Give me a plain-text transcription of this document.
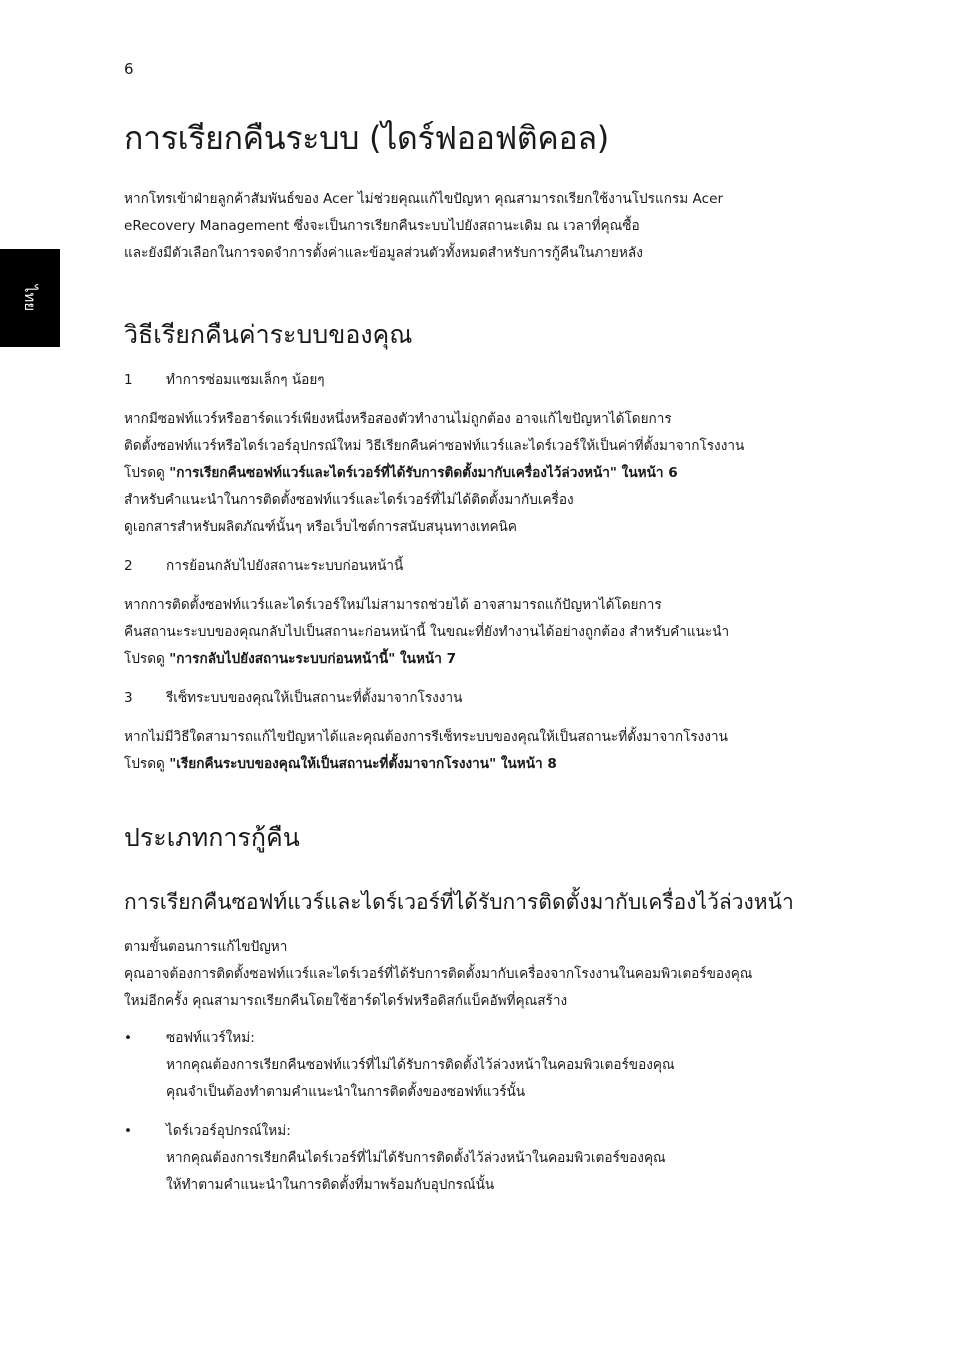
6
ไทย
การเรียกคืนระบบ (ไดร์ฟออฟติคอล)

หากโทรเข้าฝ่ายลูกค้าสัมพันธ์ของ Acer ไม่ช่วยคุณแก้ไขปัญหา คุณสามารถเรียกใช้งานโปรแกรม Acer
eRecovery Management ซึ่งจะเป็นการเรียกคืนระบบไปยังสถานะเดิม ณ เวลาที่คุณซื้อ
และยังมีตัวเลือกในการจดจำการตั้งค่าและข้อมูลส่วนตัวทั้งหมดสำหรับการกู้คืนในภายหลัง

วิธีเรียกคืนค่าระบบของคุณ
1	ทำการซ่อมแซมเล็กๆ น้อยๆ

หากมีซอฟท์แวร์หรือฮาร์ดแวร์เพียงหนึ่งหรือสองตัวทำงานไม่ถูกต้อง อาจแก้ไขปัญหาได้โดยการ
ติดตั้งซอฟท์แวร์หรือไดร์เวอร์อุปกรณ์ใหม่ วิธีเรียกคืนค่าซอฟท์แวร์และไดร์เวอร์ให้เป็นค่าที่ตั้งมาจากโรงงาน
โปรดดู "การเรียกคืนซอฟท์แวร์และไดร์เวอร์ที่ได้รับการติดตั้งมากับเครื่องไว้ล่วงหน้า" ในหน้า 6
สำหรับคำแนะนำในการติดตั้งซอฟท์แวร์และไดร์เวอร์ที่ไม่ได้ติดตั้งมากับเครื่อง
ดูเอกสารสำหรับผลิตภัณฑ์นั้นๆ หรือเว็บไซต์การสนับสนุนทางเทคนิค

2	การย้อนกลับไปยังสถานะระบบก่อนหน้านี้

หากการติดตั้งซอฟท์แวร์และไดร์เวอร์ใหม่ไม่สามารถช่วยได้ อาจสามารถแก้ปัญหาได้โดยการ
คืนสถานะระบบของคุณกลับไปเป็นสถานะก่อนหน้านี้ ในขณะที่ยังทำงานได้อย่างถูกต้อง สำหรับคำแนะนำ
โปรดดู "การกลับไปยังสถานะระบบก่อนหน้านี้" ในหน้า 7

3	รีเซ็ทระบบของคุณให้เป็นสถานะที่ตั้งมาจากโรงงาน

หากไม่มีวิธีใดสามารถแก้ไขปัญหาได้และคุณต้องการรีเซ็ทระบบของคุณให้เป็นสถานะที่ตั้งมาจากโรงงาน
โปรดดู "เรียกคืนระบบของคุณให้เป็นสถานะที่ตั้งมาจากโรงงาน" ในหน้า 8

ประเภทการกู้คืน
การเรียกคืนซอฟท์แวร์และไดร์เวอร์ที่ได้รับการติดตั้งมากับเครื่องไว้ล่วงหน้า

ตามขั้นตอนการแก้ไขปัญหา
คุณอาจต้องการติดตั้งซอฟท์แวร์และไดร์เวอร์ที่ได้รับการติดตั้งมากับเครื่องจากโรงงานในคอมพิวเตอร์ของคุณ
ใหม่อีกครั้ง คุณสามารถเรียกคืนโดยใช้ฮาร์ดไดร์ฟหรือดิสก์แบ็คอัพที่คุณสร้าง

•	ซอฟท์แวร์ใหม่:
หากคุณต้องการเรียกคืนซอฟท์แวร์ที่ไม่ได้รับการติดตั้งไว้ล่วงหน้าในคอมพิวเตอร์ของคุณ
คุณจำเป็นต้องทำตามคำแนะนำในการติดตั้งของซอฟท์แวร์นั้น
•	ไดร์เวอร์อุปกรณ์ใหม่:
หากคุณต้องการเรียกคืนไดร์เวอร์ที่ไม่ได้รับการติดตั้งไว้ล่วงหน้าในคอมพิวเตอร์ของคุณ
ให้ทำตามคำแนะนำในการติดตั้งที่มาพร้อมกับอุปกรณ์นั้น
